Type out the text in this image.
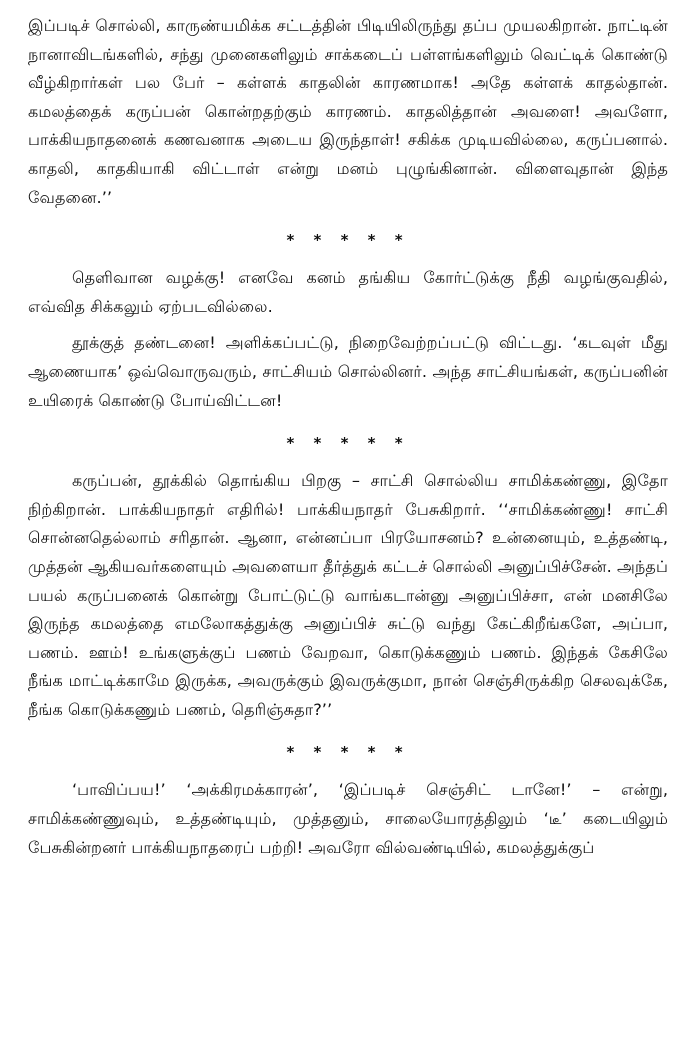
இப்படிச் சொல்லி, காருண்யமிக்க சட்டத்தின் பிடியிலிருந்து தப்ப முயலகிறான். நாட்டின் நானாவிடங்களில், சந்து முனைகளிலும் சாக்கடைப் பள்ளங்களிலும் வெட்டிக் கொண்டு வீழ்கிறார்கள் பல பேர் – கள்ளக் காதலின் காரணமாக! அதே கள்ளக் காதல்தான். கமலத்தைக் கருப்பன் கொன்றதற்கும் காரணம். காதலித்தான் அவளை! அவளோ, பாக்கியநாதனைக் கணவனாக அடைய இருந்தாள்! சகிக்க முடியவில்லை, கருப்பனால். காதலி, காதகியாகி விட்டாள் என்று மனம் புழுங்கினான். விளைவுதான் இந்த வேதனை.’’

* * * * *

தெளிவான வழக்கு! எனவே கனம் தங்கிய கோர்ட்டுக்கு நீதி வழங்குவதில், எவ்வித சிக்கலும் ஏற்படவில்லை.

தூக்குத் தண்டனை! அளிக்கப்பட்டு, நிறைவேற்றப்பட்டு விட்டது. ‘கடவுள் மீது ஆணையாக’ ஒவ்வொருவரும், சாட்சியம் சொல்லினர். அந்த சாட்சியங்கள், கருப்பனின் உயிரைக் கொண்டு போய்விட்டன!

* * * * *

கருப்பன், தூக்கில் தொங்கிய பிறகு – சாட்சி சொல்லிய சாமிக்கண்ணு, இதோ நிற்கிறான். பாக்கியநாதர் எதிரில்! பாக்கியநாதர் பேசுகிறார். ‘‘சாமிக்கண்ணு! சாட்சி சொன்னதெல்லாம் சரிதான். ஆனா, என்னப்பா பிரயோசனம்? உன்னையும், உத்தண்டி, முத்தன் ஆகியவர்களையும் அவளையா தீர்த்துக் கட்டச் சொல்லி அனுப்பிச்சேன். அந்தப் பயல் கருப்பனைக் கொன்று போட்டுட்டு வாங்கடான்னு அனுப்பிச்சா, என் மனசிலே இருந்த கமலத்தை எமலோகத்துக்கு அனுப்பிச் சுட்டு வந்து கேட்கிறீங்களே, அப்பா, பணம். ஊம்! உங்களுக்குப் பணம் வேறவா, கொடுக்கணும் பணம். இந்தக் கேசிலே நீங்க மாட்டிக்காமே இருக்க, அவருக்கும் இவருக்குமா, நான் செஞ்சிருக்கிற செலவுக்கே, நீங்க கொடுக்கணும் பணம், தெரிஞ்சுதா?’’

* * * * *

‘பாவிப்பய!’ ‘அக்கிரமக்காரன்’, ‘இப்படிச் செஞ்சிட் டானே!’ – என்று, சாமிக்கண்ணுவும், உத்தண்டியும், முத்தனும், சாலையோரத்திலும் ‘டீ’ கடையிலும் பேசுகின்றனர் பாக்கியநாதரைப் பற்றி! அவரோ வில்வண்டியில், கமலத்துக்குப்
